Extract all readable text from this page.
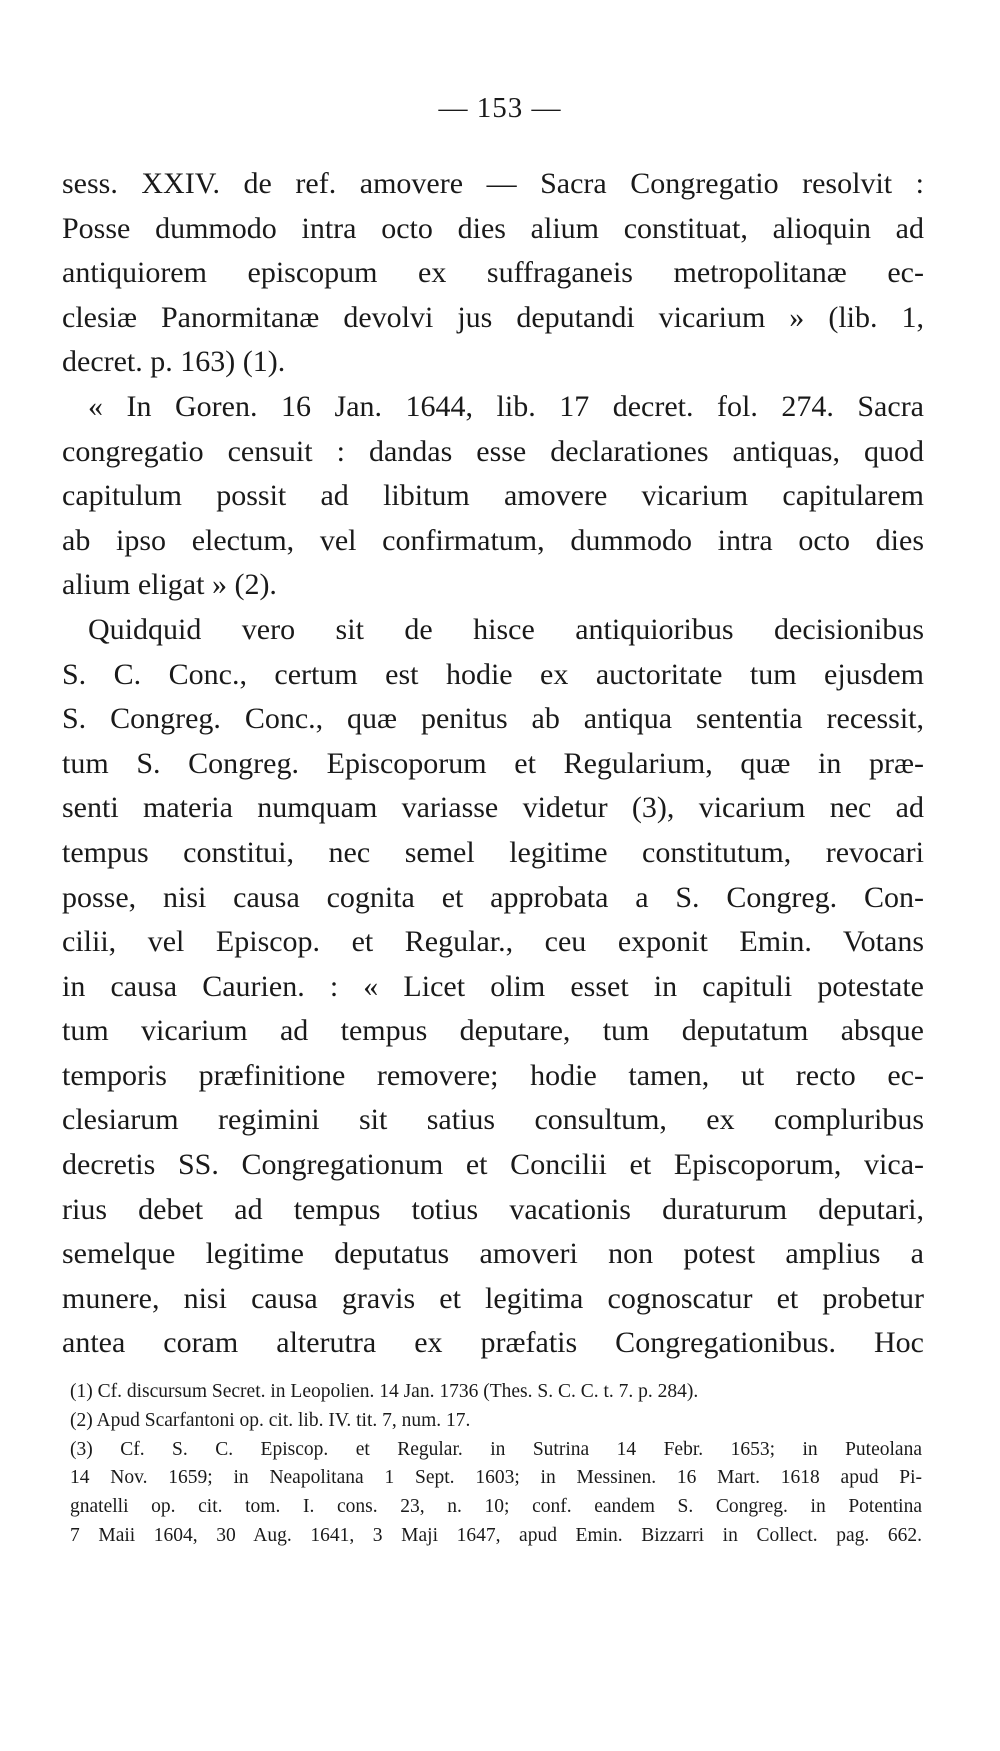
— 153 —
sess. XXIV. de ref. amovere — Sacra Congregatio resolvit :
Posse dummodo intra octo dies alium constituat, alioquin ad
antiquiorem episcopum ex suffraganeis metropolitanæ ec-
clesiæ Panormitanæ devolvi jus deputandi vicarium » (lib. 1,
decret. p. 163) (1).
« In Goren. 16 Jan. 1644, lib. 17 decret. fol. 274. Sacra
congregatio censuit : dandas esse declarationes antiquas, quod
capitulum possit ad libitum amovere vicarium capitularem
ab ipso electum, vel confirmatum, dummodo intra octo dies
alium eligat » (2).
Quidquid vero sit de hisce antiquioribus decisionibus
S. C. Conc., certum est hodie ex auctoritate tum ejusdem
S. Congreg. Conc., quæ penitus ab antiqua sententia recessit,
tum S. Congreg. Episcoporum et Regularium, quæ in præ-
senti materia numquam variasse videtur (3), vicarium nec ad
tempus constitui, nec semel legitime constitutum, revocari
posse, nisi causa cognita et approbata a S. Congreg. Con-
cilii, vel Episcop. et Regular., ceu exponit Emin. Votans
in causa Caurien. : « Licet olim esset in capituli potestate
tum vicarium ad tempus deputare, tum deputatum absque
temporis præfinitione removere; hodie tamen, ut recto ec-
clesiarum regimini sit satius consultum, ex compluribus
decretis SS. Congregationum et Concilii et Episcoporum, vica-
rius debet ad tempus totius vacationis duraturum deputari,
semelque legitime deputatus amoveri non potest amplius a
munere, nisi causa gravis et legitima cognoscatur et probetur
antea coram alterutra ex præfatis Congregationibus. Hoc
(1) Cf. discursum Secret. in Leopolien. 14 Jan. 1736 (Thes. S. C. C. t. 7. p. 284).
(2) Apud Scarfantoni op. cit. lib. IV. tit. 7, num. 17.
(3) Cf. S. C. Episcop. et Regular. in Sutrina 14 Febr. 1653; in Puteolana
14 Nov. 1659; in Neapolitana 1 Sept. 1603; in Messinen. 16 Mart. 1618 apud Pi-
gnatelli op. cit. tom. I. cons. 23, n. 10; conf. eandem S. Congreg. in Potentina
7 Maii 1604, 30 Aug. 1641, 3 Maji 1647, apud Emin. Bizzarri in Collect. pag. 662.
